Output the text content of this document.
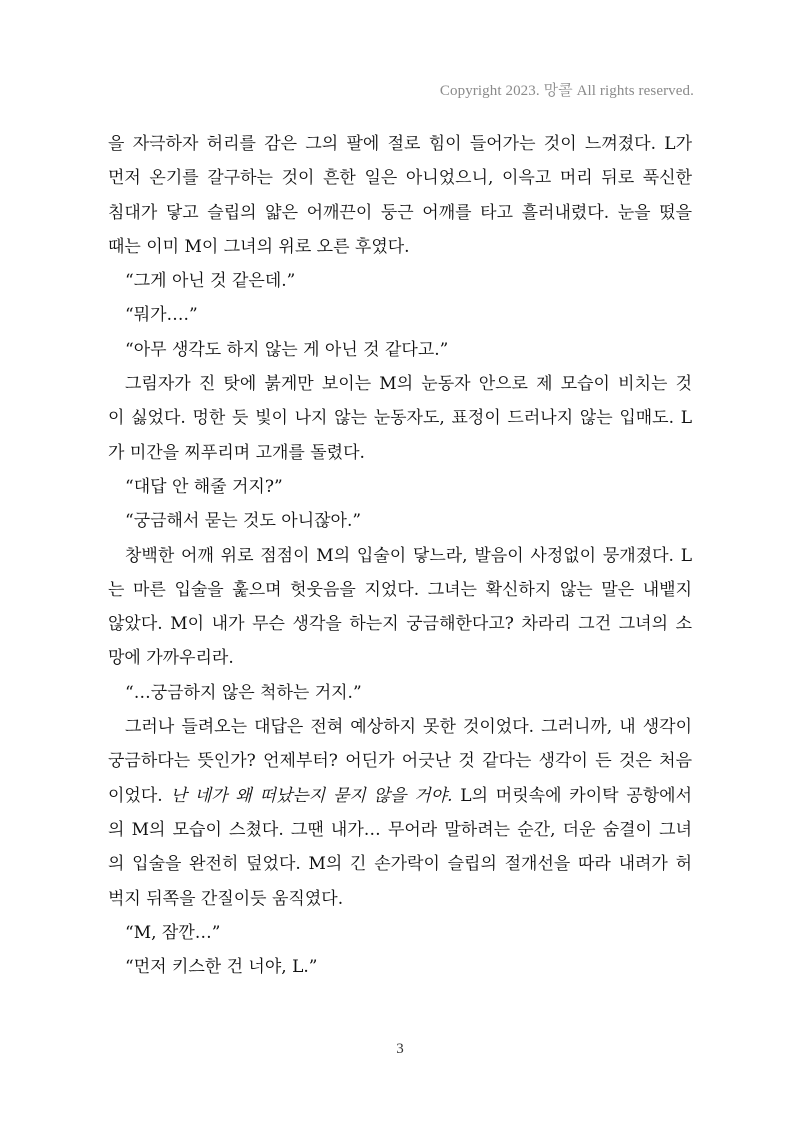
Copyright 2023. 망콜 All rights reserved.
을 자극하자 허리를 감은 그의 팔에 절로 힘이 들어가는 것이 느껴졌다. L가
먼저 온기를 갈구하는 것이 흔한 일은 아니었으니, 이윽고 머리 뒤로 푹신한
침대가 닿고 슬립의 얇은 어깨끈이 둥근 어깨를 타고 흘러내렸다. 눈을 떴을
때는 이미 M이 그녀의 위로 오른 후였다.
“그게 아닌 것 같은데.”
“뭐가….”
“아무 생각도 하지 않는 게 아닌 것 같다고.”
그림자가 진 탓에 붉게만 보이는 M의 눈동자 안으로 제 모습이 비치는 것
이 싫었다. 멍한 듯 빛이 나지 않는 눈동자도, 표정이 드러나지 않는 입매도. L
가 미간을 찌푸리며 고개를 돌렸다.
“대답 안 해줄 거지?”
“궁금해서 묻는 것도 아니잖아.”
창백한 어깨 위로 점점이 M의 입술이 닿느라, 발음이 사정없이 뭉개졌다. L
는 마른 입술을 훑으며 헛웃음을 지었다. 그녀는 확신하지 않는 말은 내뱉지
않았다. M이 내가 무슨 생각을 하는지 궁금해한다고? 차라리 그건 그녀의 소
망에 가까우리라.
“…궁금하지 않은 척하는 거지.”
그러나 들려오는 대답은 전혀 예상하지 못한 것이었다. 그러니까, 내 생각이
궁금하다는 뜻인가? 언제부터? 어딘가 어긋난 것 같다는 생각이 든 것은 처음
이었다. 난 네가 왜 떠났는지 묻지 않을 거야. L의 머릿속에 카이탁 공항에서
의 M의 모습이 스쳤다. 그땐 내가… 무어라 말하려는 순간, 더운 숨결이 그녀
의 입술을 완전히 덮었다. M의 긴 손가락이 슬립의 절개선을 따라 내려가 허
벅지 뒤쪽을 간질이듯 움직였다.
“M, 잠깐…”
“먼저 키스한 건 너야, L.”
3
